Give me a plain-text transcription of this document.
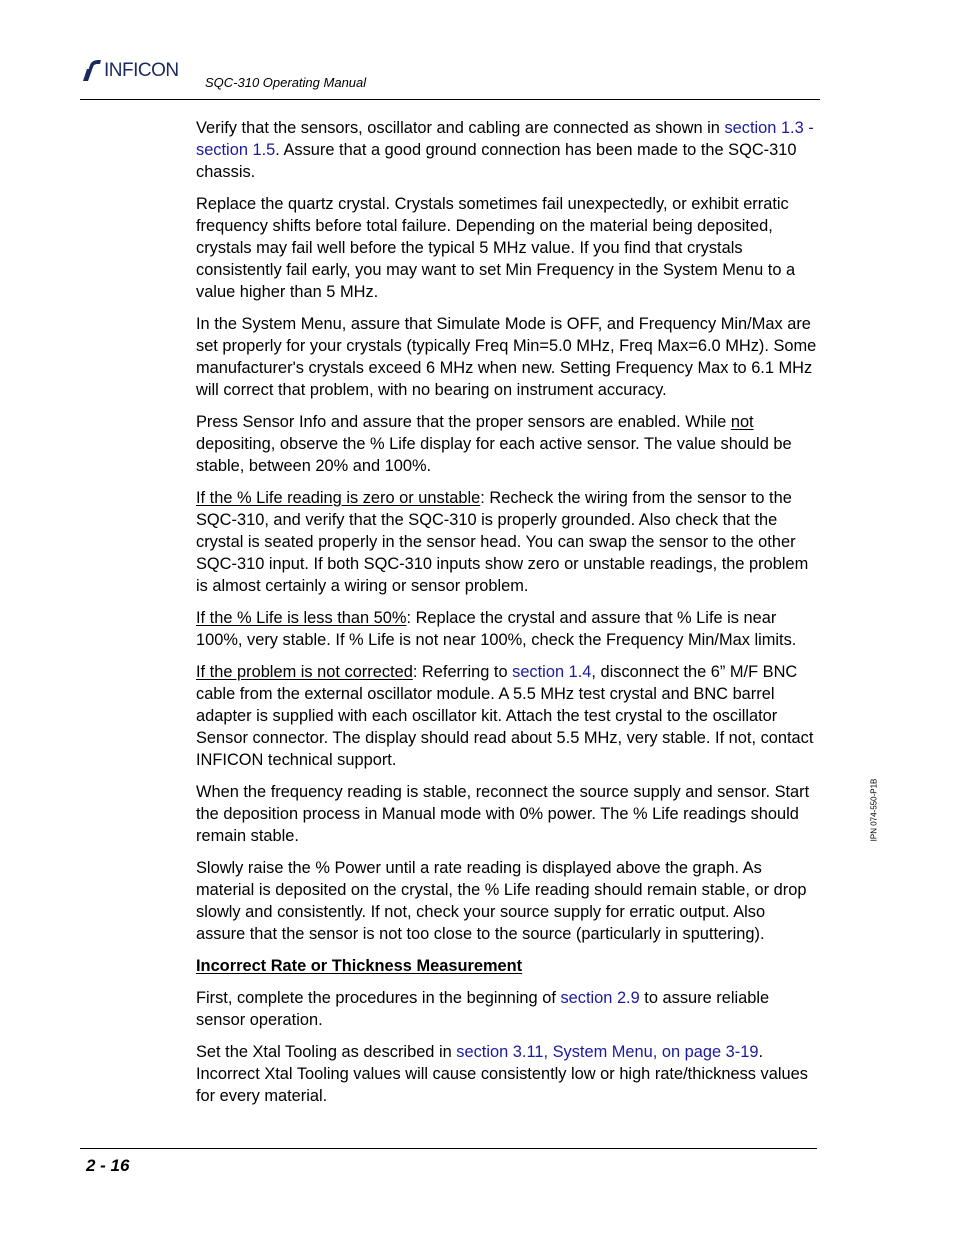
INFICON
SQC-310 Operating Manual

Verify that the sensors, oscillator and cabling are connected as shown in section 1.3 - section 1.5. Assure that a good ground connection has been made to the SQC-310 chassis.

Replace the quartz crystal. Crystals sometimes fail unexpectedly, or exhibit erratic frequency shifts before total failure. Depending on the material being deposited, crystals may fail well before the typical 5 MHz value. If you find that crystals consistently fail early, you may want to set Min Frequency in the System Menu to a value higher than 5 MHz.

In the System Menu, assure that Simulate Mode is OFF, and Frequency Min/Max are set properly for your crystals (typically Freq Min=5.0 MHz, Freq Max=6.0 MHz). Some manufacturer's crystals exceed 6 MHz when new. Setting Frequency Max to 6.1 MHz will correct that problem, with no bearing on instrument accuracy.

Press Sensor Info and assure that the proper sensors are enabled. While not depositing, observe the % Life display for each active sensor. The value should be stable, between 20% and 100%.

If the % Life reading is zero or unstable: Recheck the wiring from the sensor to the SQC-310, and verify that the SQC-310 is properly grounded. Also check that the crystal is seated properly in the sensor head. You can swap the sensor to the other SQC-310 input. If both SQC-310 inputs show zero or unstable readings, the problem is almost certainly a wiring or sensor problem.

If the % Life is less than 50%: Replace the crystal and assure that % Life is near 100%, very stable. If % Life is not near 100%, check the Frequency Min/Max limits.

If the problem is not corrected: Referring to section 1.4, disconnect the 6” M/F BNC cable from the external oscillator module. A 5.5 MHz test crystal and BNC barrel adapter is supplied with each oscillator kit. Attach the test crystal to the oscillator Sensor connector. The display should read about 5.5 MHz, very stable. If not, contact INFICON technical support.

When the frequency reading is stable, reconnect the source supply and sensor. Start the deposition process in Manual mode with 0% power. The % Life readings should remain stable.

Slowly raise the % Power until a rate reading is displayed above the graph. As material is deposited on the crystal, the % Life reading should remain stable, or drop slowly and consistently. If not, check your source supply for erratic output. Also assure that the sensor is not too close to the source (particularly in sputtering).

Incorrect Rate or Thickness Measurement

First, complete the procedures in the beginning of section 2.9 to assure reliable sensor operation.

Set the Xtal Tooling as described in section 3.11, System Menu, on page 3-19. Incorrect Xtal Tooling values will cause consistently low or high rate/thickness values for every material.

IPN 074-550-P1B
2 - 16
